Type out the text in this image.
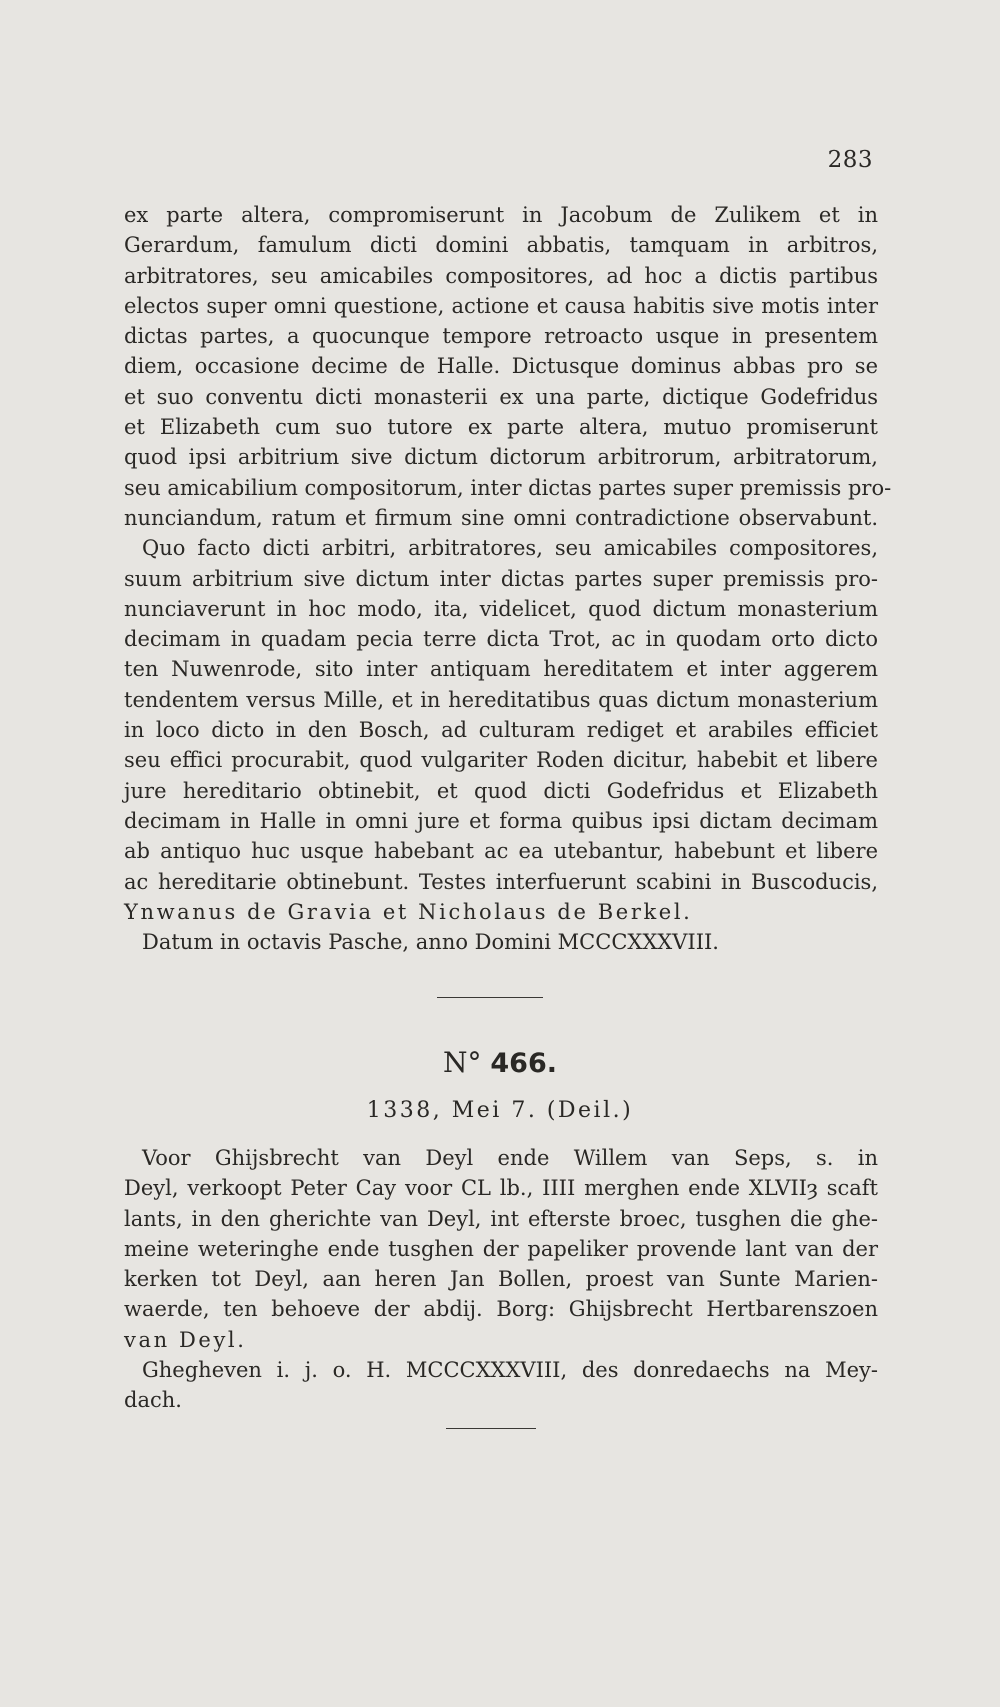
283
ex parte altera, compromiserunt in Jacobum de Zulikem et in
Gerardum, famulum dicti domini abbatis, tamquam in arbitros,
arbitratores, seu amicabiles compositores, ad hoc a dictis partibus
electos super omni questione, actione et causa habitis sive motis inter
dictas partes, a quocunque tempore retroacto usque in presentem
diem, occasione decime de Halle. Dictusque dominus abbas pro se
et suo conventu dicti monasterii ex una parte, dictique Godefridus
et Elizabeth cum suo tutore ex parte altera, mutuo promiserunt
quod ipsi arbitrium sive dictum dictorum arbitrorum, arbitratorum,
seu amicabilium compositorum, inter dictas partes super premissis pro-
nunciandum, ratum et firmum sine omni contradictione observabunt.
Quo facto dicti arbitri, arbitratores, seu amicabiles compositores,
suum arbitrium sive dictum inter dictas partes super premissis pro-
nunciaverunt in hoc modo, ita, videlicet, quod dictum monasterium
decimam in quadam pecia terre dicta Trot, ac in quodam orto dicto
ten Nuwenrode, sito inter antiquam hereditatem et inter aggerem
tendentem versus Mille, et in hereditatibus quas dictum monasterium
in loco dicto in den Bosch, ad culturam rediget et arabiles efficiet
seu effici procurabit, quod vulgariter Roden dicitur, habebit et libere
jure hereditario obtinebit, et quod dicti Godefridus et Elizabeth
decimam in Halle in omni jure et forma quibus ipsi dictam decimam
ab antiquo huc usque habebant ac ea utebantur, habebunt et libere
ac hereditarie obtinebunt. Testes interfuerunt scabini in Buscoducis,
Ynwanus de Gravia et Nicholaus de Berkel.
Datum in octavis Pasche, anno Domini MCCCXXXVIII.
N° 466.
1338, Mei 7. (Deil.)
Voor Ghijsbrecht van Deyl ende Willem van Seps, s. in
Deyl, verkoopt Peter Cay voor CL lb., IIII merghen ende XLVIIȝ scaft
lants, in den gherichte van Deyl, int efterste broec, tusghen die ghe-
meine weteringhe ende tusghen der papeliker provende lant van der
kerken tot Deyl, aan heren Jan Bollen, proest van Sunte Marien-
waerde, ten behoeve der abdij. Borg: Ghijsbrecht Hertbarenszoen
van Deyl.
Ghegheven i. j. o. H. MCCCXXXVIII, des donredaechs na Mey-
dach.
